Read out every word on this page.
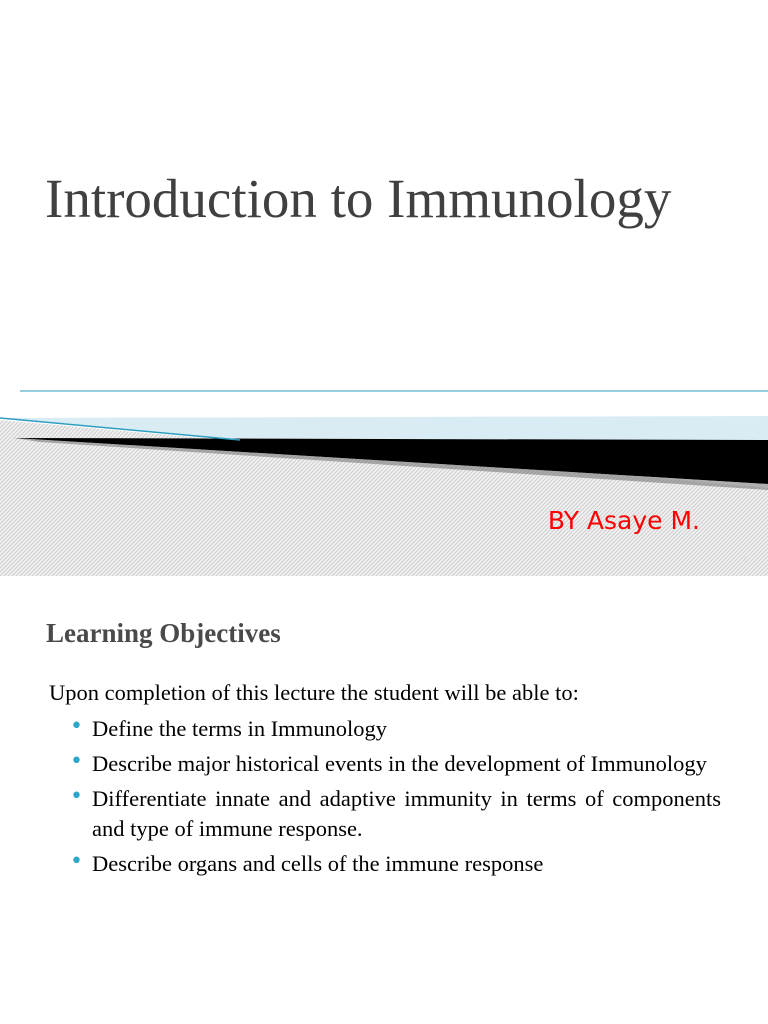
Introduction to Immunology
BY Asaye M.
1
Learning Objectives

Upon completion of this lecture the student will be able to:

• Define the terms in Immunology
• Describe major historical events in the development of Immunology
• Differentiate innate and adaptive immunity in terms of components and type of immune response.
• Describe organs and cells of the immune response
